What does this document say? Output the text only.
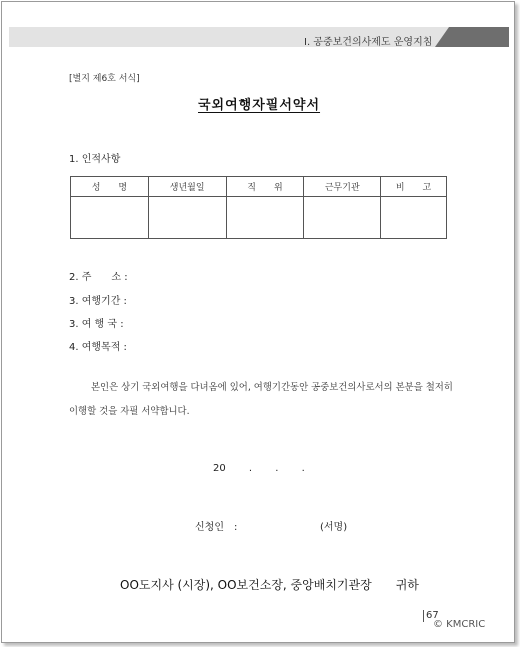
I. 공중보건의사제도 운영지침
[별지 제6호 서식]
국외여행자필서약서
1. 인적사항
성　　명	생년월일	직　　위	근무기관	비　　고

2. 주　　소 :
3. 여행기간 :
3. 여 행 국 :
4. 여행목적 :
본인은 상기 국외여행을 다녀옴에 있어, 여행기간동안 공중보건의사로서의 본분을 철저히 이행할 것을 자필 서약합니다.
20　　 .　　 .　　 .
신청인　:	(서명)
OO도지사 (시장), OO보건소장, 중앙배치기관장　　귀하
67
© KMCRIC
